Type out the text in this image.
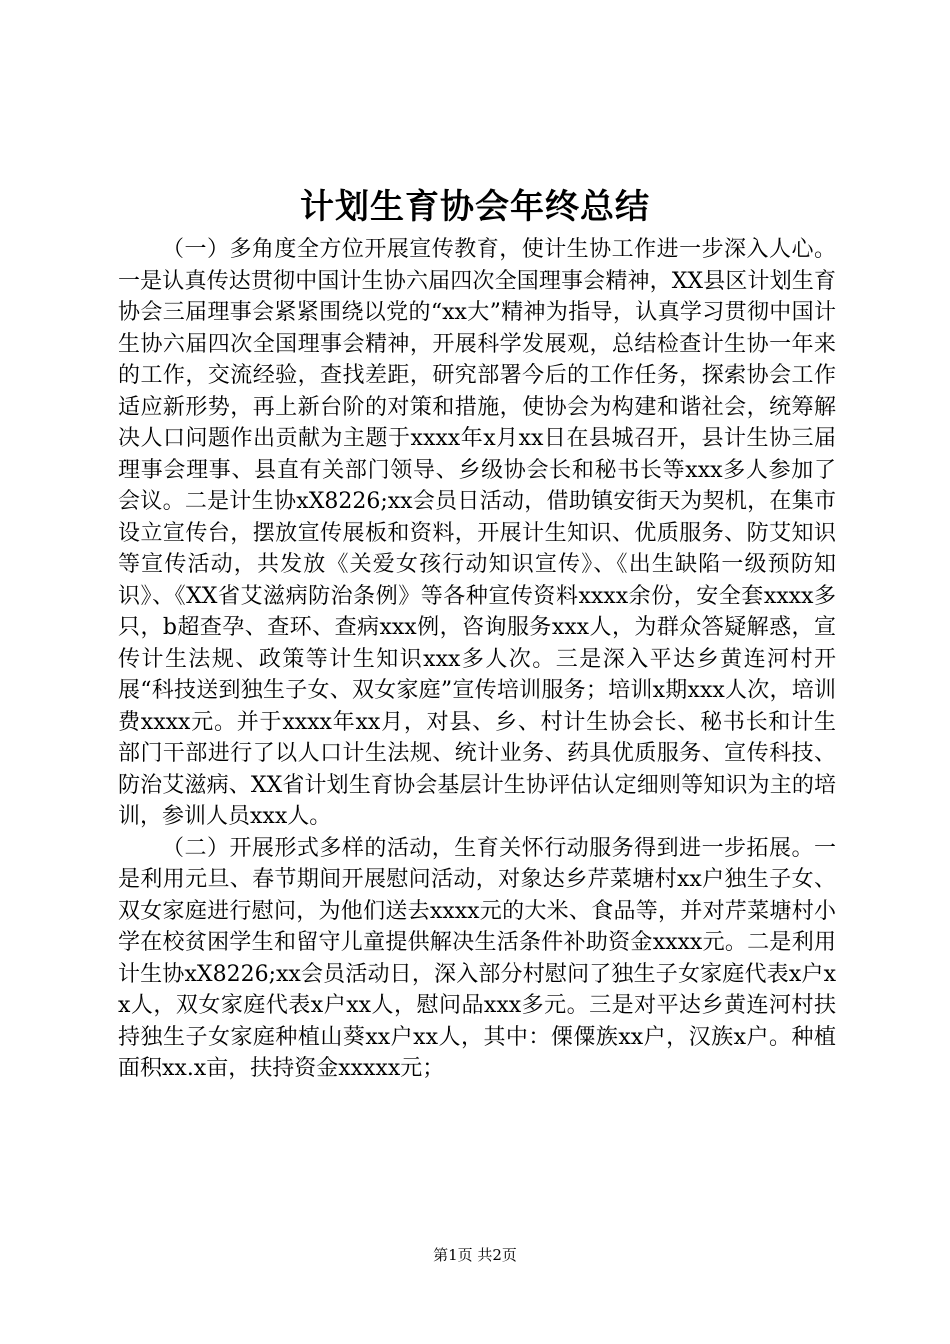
计划生育协会年终总结

（一）多角度全方位开展宣传教育，使计生协工作进一步深入人心。一是认真传达贯彻中国计生协六届四次全国理事会精神，XX县区计划生育协会三届理事会紧紧围绕以党的“xx大”精神为指导，认真学习贯彻中国计生协六届四次全国理事会精神，开展科学发展观，总结检查计生协一年来的工作，交流经验，查找差距，研究部署今后的工作任务，探索协会工作适应新形势，再上新台阶的对策和措施，使协会为构建和谐社会，统筹解决人口问题作出贡献为主题于xxxx年x月xx日在县城召开，县计生协三届理事会理事、县直有关部门领导、乡级协会长和秘书长等xxx多人参加了会议。二是计生协xX8226;xx会员日活动，借助镇安街天为契机，在集市设立宣传台，摆放宣传展板和资料，开展计生知识、优质服务、防艾知识等宣传活动，共发放《关爱女孩行动知识宣传》、《出生缺陷一级预防知识》、《XX省艾滋病防治条例》等各种宣传资料xxxx余份，安全套xxxx多只，b超查孕、查环、查病xxx例，咨询服务xxx人，为群众答疑解惑，宣传计生法规、政策等计生知识xxx多人次。三是深入平达乡黄连河村开展“科技送到独生子女、双女家庭”宣传培训服务；培训x期xxx人次，培训费xxxx元。并于xxxx年xx月，对县、乡、村计生协会长、秘书长和计生部门干部进行了以人口计生法规、统计业务、药具优质服务、宣传科技、防治艾滋病、XX省计划生育协会基层计生协评估认定细则等知识为主的培训，参训人员xxx人。

（二）开展形式多样的活动，生育关怀行动服务得到进一步拓展。一是利用元旦、春节期间开展慰问活动，对象达乡芹菜塘村xx户独生子女、双女家庭进行慰问，为他们送去xxxx元的大米、食品等，并对芹菜塘村小学在校贫困学生和留守儿童提供解决生活条件补助资金xxxx元。二是利用计生协xX8226;xx会员活动日，深入部分村慰问了独生子女家庭代表x户xx人，双女家庭代表x户xx人，慰问品xxx多元。三是对平达乡黄连河村扶持独生子女家庭种植山葵xx户xx人，其中：傈僳族xx户，汉族x户。种植面积xx.x亩，扶持资金xxxxx元；

第1页 共2页
